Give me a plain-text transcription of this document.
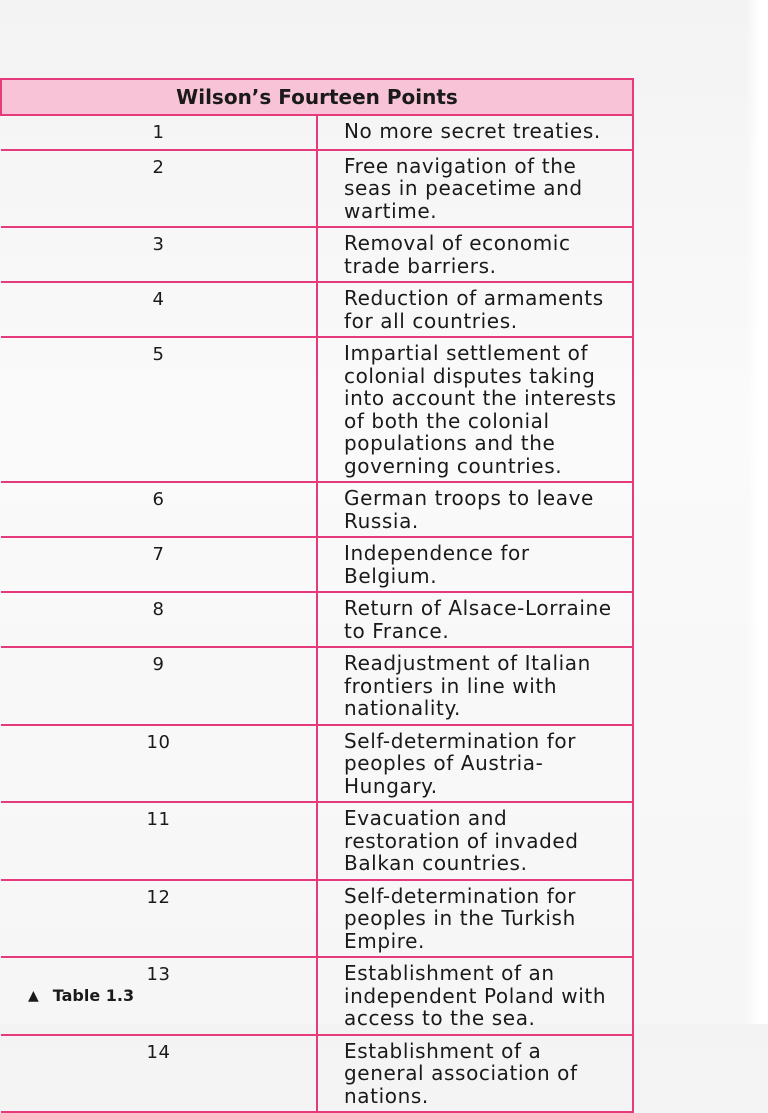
Wilson’s Fourteen Points	
1	No more secret treaties.
2	Free navigation of the seas in peacetime and wartime.
3	Removal of economic trade barriers.
4	Reduction of armaments for all countries.
5	Impartial settlement of colonial disputes taking into account the interests of both the colonial populations and the governing countries.
6	German troops to leave Russia.
7	Independence for Belgium.
8	Return of Alsace-Lorraine to France.
9	Readjustment of Italian frontiers in line with nationality.
10	Self-determination for peoples of Austria-Hungary.
11	Evacuation and restoration of invaded Balkan countries.
12	Self-determination for peoples in the Turkish Empire.
13	Establishment of an independent Poland with access to the sea.
14	Establishment of a general association of nations.
▲ Table 1.3
